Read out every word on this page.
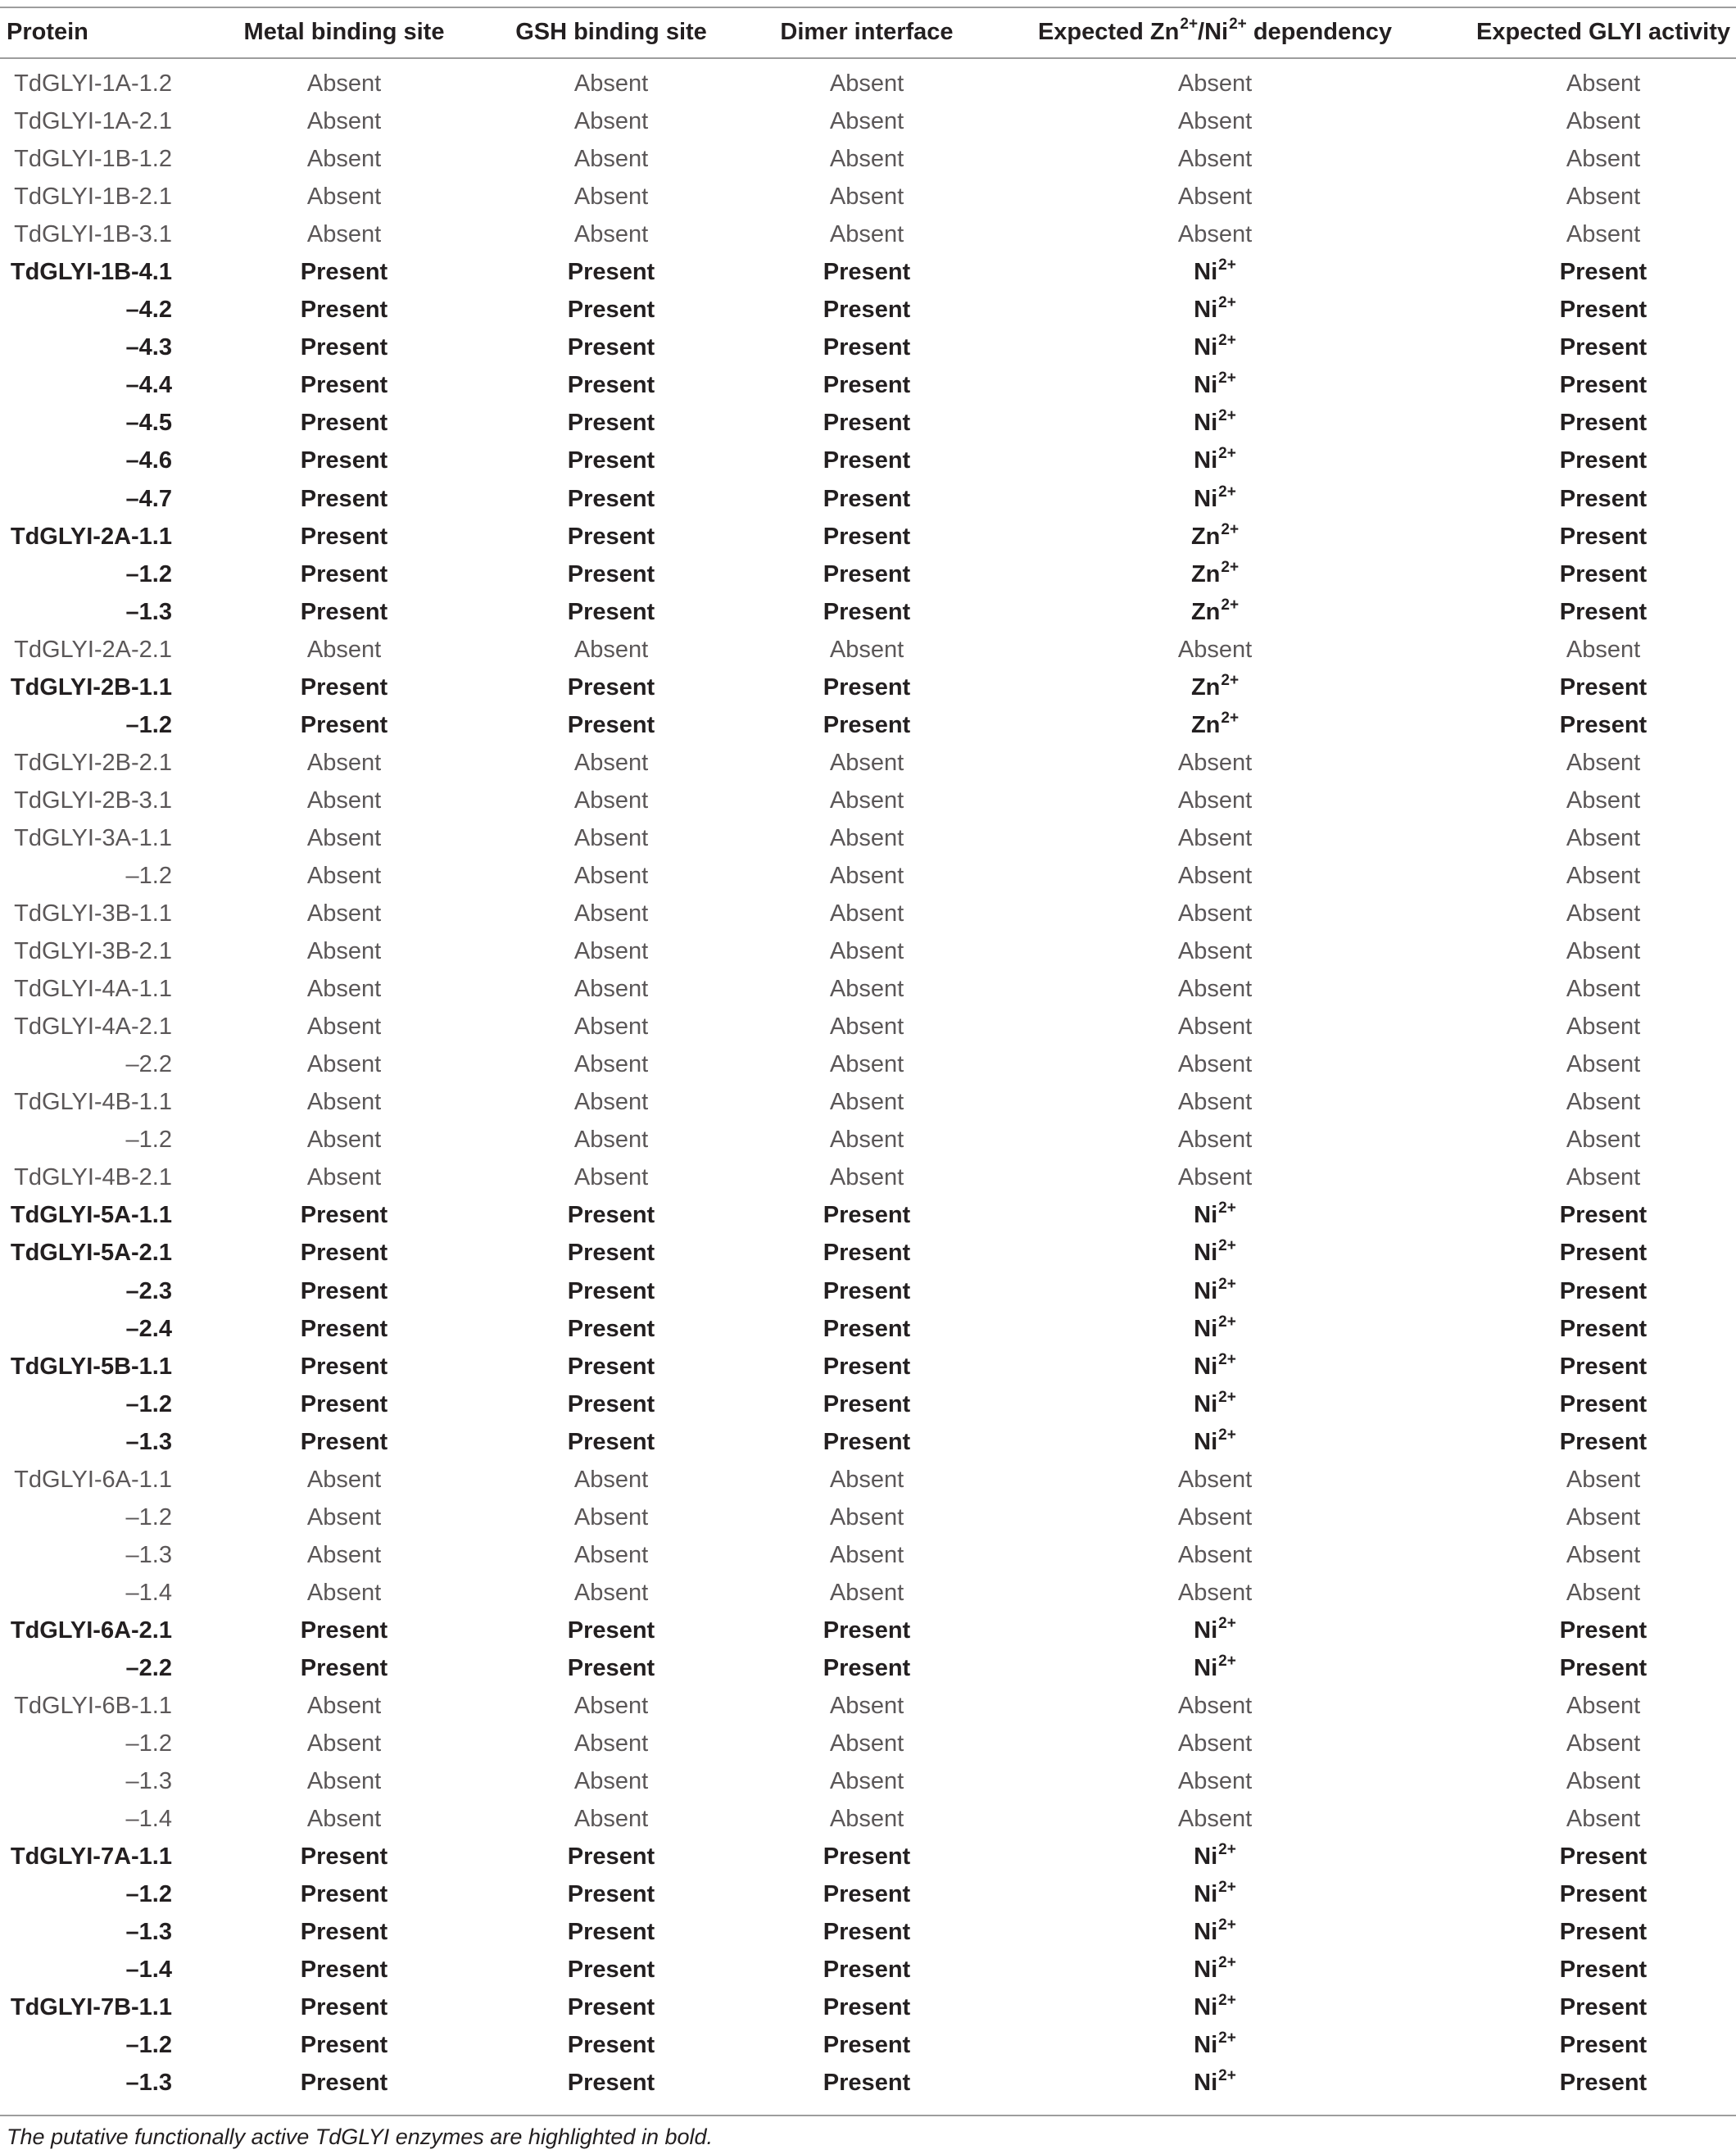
Protein	Metal binding site	GSH binding site	Dimer interface	Expected $Zn^{2+}/Ni^{2+}$ dependency	Expected GLYI activity
TdGLYI-1A-1.2	Absent	Absent	Absent	Absent	Absent
TdGLYI-1A-2.1	Absent	Absent	Absent	Absent	Absent
TdGLYI-1B-1.2	Absent	Absent	Absent	Absent	Absent
TdGLYI-1B-2.1	Absent	Absent	Absent	Absent	Absent
TdGLYI-1B-3.1	Absent	Absent	Absent	Absent	Absent
TdGLYI-1B-4.1	Present	Present	Present	$Ni^{2+}$	Present
–4.2	Present	Present	Present	$Ni^{2+}$	Present
–4.3	Present	Present	Present	$Ni^{2+}$	Present
–4.4	Present	Present	Present	$Ni^{2+}$	Present
–4.5	Present	Present	Present	$Ni^{2+}$	Present
–4.6	Present	Present	Present	$Ni^{2+}$	Present
–4.7	Present	Present	Present	$Ni^{2+}$	Present
TdGLYI-2A-1.1	Present	Present	Present	$Zn^{2+}$	Present
–1.2	Present	Present	Present	$Zn^{2+}$	Present
–1.3	Present	Present	Present	$Zn^{2+}$	Present
TdGLYI-2A-2.1	Absent	Absent	Absent	Absent	Absent
TdGLYI-2B-1.1	Present	Present	Present	$Zn^{2+}$	Present
–1.2	Present	Present	Present	$Zn^{2+}$	Present
TdGLYI-2B-2.1	Absent	Absent	Absent	Absent	Absent
TdGLYI-2B-3.1	Absent	Absent	Absent	Absent	Absent
TdGLYI-3A-1.1	Absent	Absent	Absent	Absent	Absent
–1.2	Absent	Absent	Absent	Absent	Absent
TdGLYI-3B-1.1	Absent	Absent	Absent	Absent	Absent
TdGLYI-3B-2.1	Absent	Absent	Absent	Absent	Absent
TdGLYI-4A-1.1	Absent	Absent	Absent	Absent	Absent
TdGLYI-4A-2.1	Absent	Absent	Absent	Absent	Absent
–2.2	Absent	Absent	Absent	Absent	Absent
TdGLYI-4B-1.1	Absent	Absent	Absent	Absent	Absent
–1.2	Absent	Absent	Absent	Absent	Absent
TdGLYI-4B-2.1	Absent	Absent	Absent	Absent	Absent
TdGLYI-5A-1.1	Present	Present	Present	$Ni^{2+}$	Present
TdGLYI-5A-2.1	Present	Present	Present	$Ni^{2+}$	Present
–2.3	Present	Present	Present	$Ni^{2+}$	Present
–2.4	Present	Present	Present	$Ni^{2+}$	Present
TdGLYI-5B-1.1	Present	Present	Present	$Ni^{2+}$	Present
–1.2	Present	Present	Present	$Ni^{2+}$	Present
–1.3	Present	Present	Present	$Ni^{2+}$	Present
TdGLYI-6A-1.1	Absent	Absent	Absent	Absent	Absent
–1.2	Absent	Absent	Absent	Absent	Absent
–1.3	Absent	Absent	Absent	Absent	Absent
–1.4	Absent	Absent	Absent	Absent	Absent
TdGLYI-6A-2.1	Present	Present	Present	$Ni^{2+}$	Present
–2.2	Present	Present	Present	$Ni^{2+}$	Present
TdGLYI-6B-1.1	Absent	Absent	Absent	Absent	Absent
–1.2	Absent	Absent	Absent	Absent	Absent
–1.3	Absent	Absent	Absent	Absent	Absent
–1.4	Absent	Absent	Absent	Absent	Absent
TdGLYI-7A-1.1	Present	Present	Present	$Ni^{2+}$	Present
–1.2	Present	Present	Present	$Ni^{2+}$	Present
–1.3	Present	Present	Present	$Ni^{2+}$	Present
–1.4	Present	Present	Present	$Ni^{2+}$	Present
TdGLYI-7B-1.1	Present	Present	Present	$Ni^{2+}$	Present
–1.2	Present	Present	Present	$Ni^{2+}$	Present
–1.3	Present	Present	Present	$Ni^{2+}$	Present
The putative functionally active TdGLYI enzymes are highlighted in bold.
